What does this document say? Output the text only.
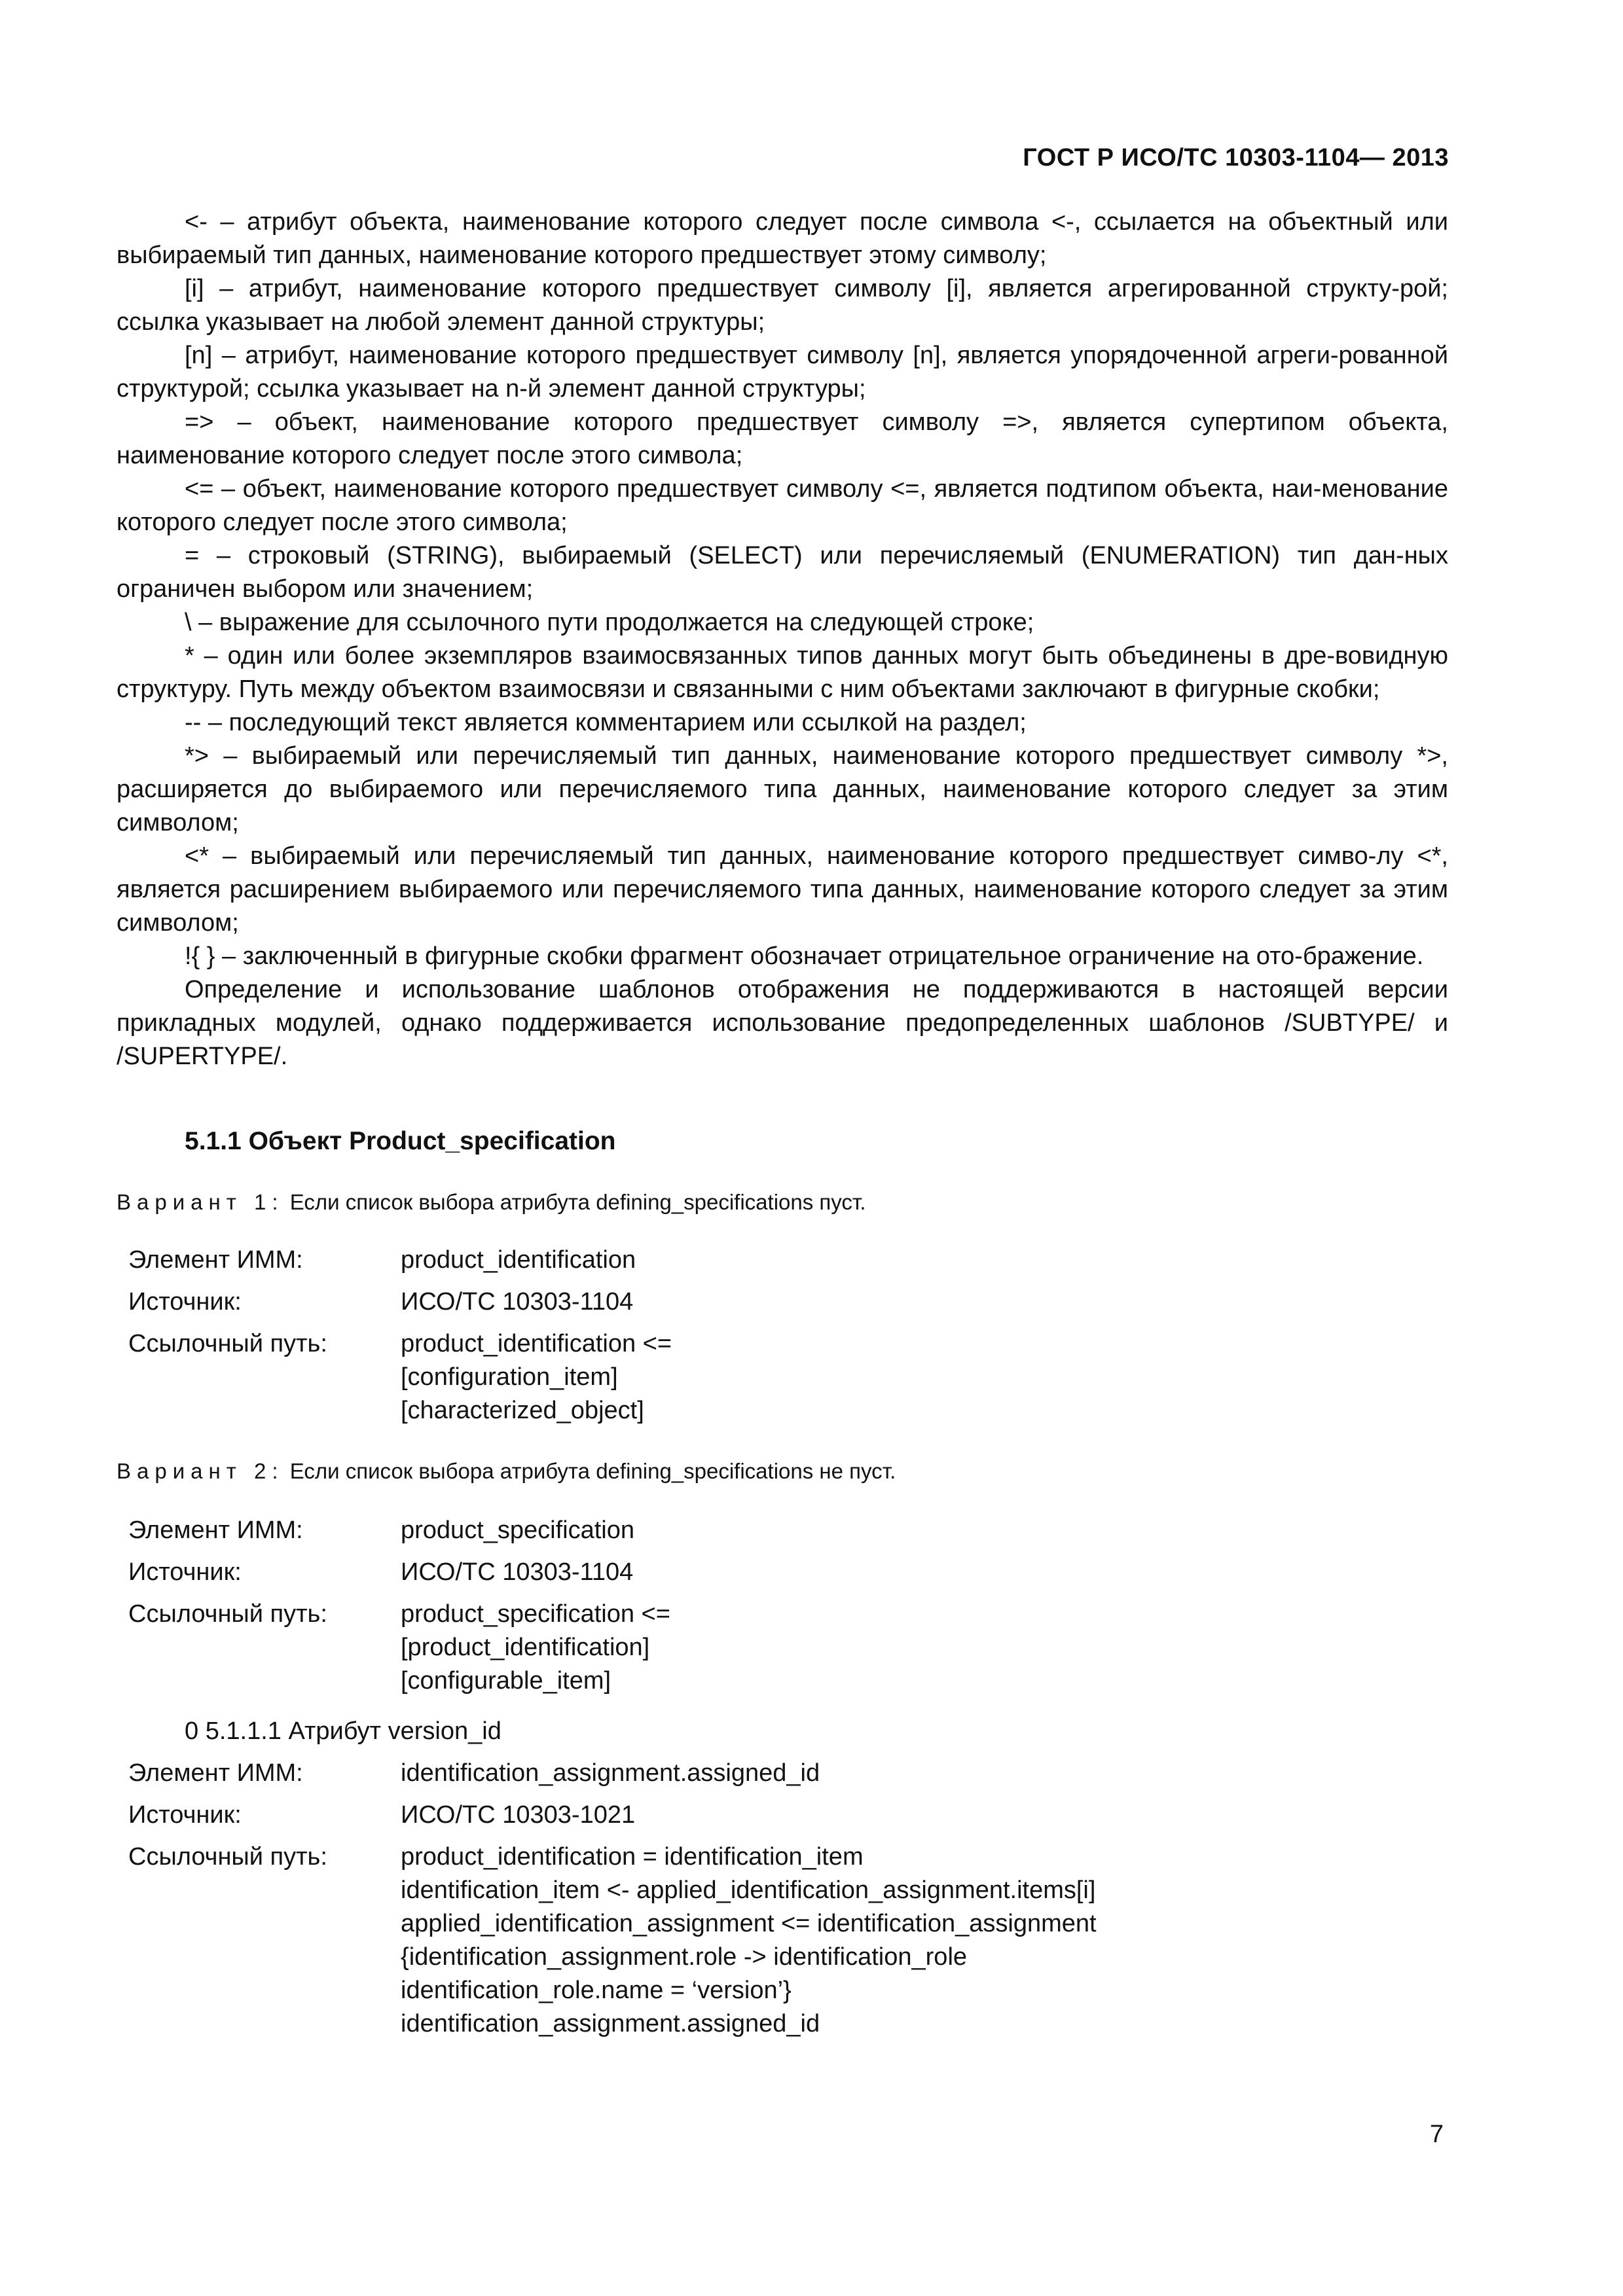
ГОСТ Р ИСО/ТС 10303-1104— 2013

<- – атрибут объекта, наименование которого следует после символа <-, ссылается на объектный или выбираемый тип данных, наименование которого предшествует этому символу;

[i] – атрибут, наименование которого предшествует символу [i], является агрегированной структу-рой; ссылка указывает на любой элемент данной структуры;

[n] – атрибут, наименование которого предшествует символу [n], является упорядоченной агреги-рованной структурой; ссылка указывает на n-й элемент данной структуры;

=> – объект, наименование которого предшествует символу =>, является супертипом объекта, наименование которого следует после этого символа;

<= – объект, наименование которого предшествует символу <=, является подтипом объекта, наи-менование которого следует после этого символа;

= – строковый (STRING), выбираемый (SELECT) или перечисляемый (ENUMERATION) тип дан-ных ограничен выбором или значением;

\ – выражение для ссылочного пути продолжается на следующей строке;

* – один или более экземпляров взаимосвязанных типов данных могут быть объединены в дре-вовидную структуру. Путь между объектом взаимосвязи и связанными с ним объектами заключают в фигурные скобки;

-- – последующий текст является комментарием или ссылкой на раздел;

*> – выбираемый или перечисляемый тип данных, наименование которого предшествует символу *>, расширяется до выбираемого или перечисляемого типа данных, наименование которого следует за этим символом;

<* – выбираемый или перечисляемый тип данных, наименование которого предшествует симво-лу <*, является расширением выбираемого или перечисляемого типа данных, наименование которого следует за этим символом;

!{ } – заключенный в фигурные скобки фрагмент обозначает отрицательное ограничение на ото-бражение.

Определение и использование шаблонов отображения не поддерживаются в настоящей версии прикладных модулей, однако поддерживается использование предопределенных шаблонов /SUBTYPE/ и /SUPERTYPE/.

5.1.1 Объект Product_specification
Вариант 1: Если список выбора атрибута defining_specifications пуст.
Элемент ИММ:	product_identification
Источник:	ИСО/ТС 10303-1104
Ссылочный путь:	product_identification <=
[configuration_item]
[characterized_object]
Вариант 2: Если список выбора атрибута defining_specifications не пуст.
Элемент ИММ:	product_specification
Источник:	ИСО/ТС 10303-1104
Ссылочный путь:	product_specification <=
[product_identification]
[configurable_item]
0 5.1.1.1 Атрибут version_id
Элемент ИММ:	identification_assignment.assigned_id
Источник:	ИСО/ТС 10303-1021
Ссылочный путь:	product_identification = identification_item
identification_item <- applied_identification_assignment.items[i]
applied_identification_assignment <= identification_assignment
{identification_assignment.role -> identification_role
identification_role.name = ‘version’}
identification_assignment.assigned_id
7
